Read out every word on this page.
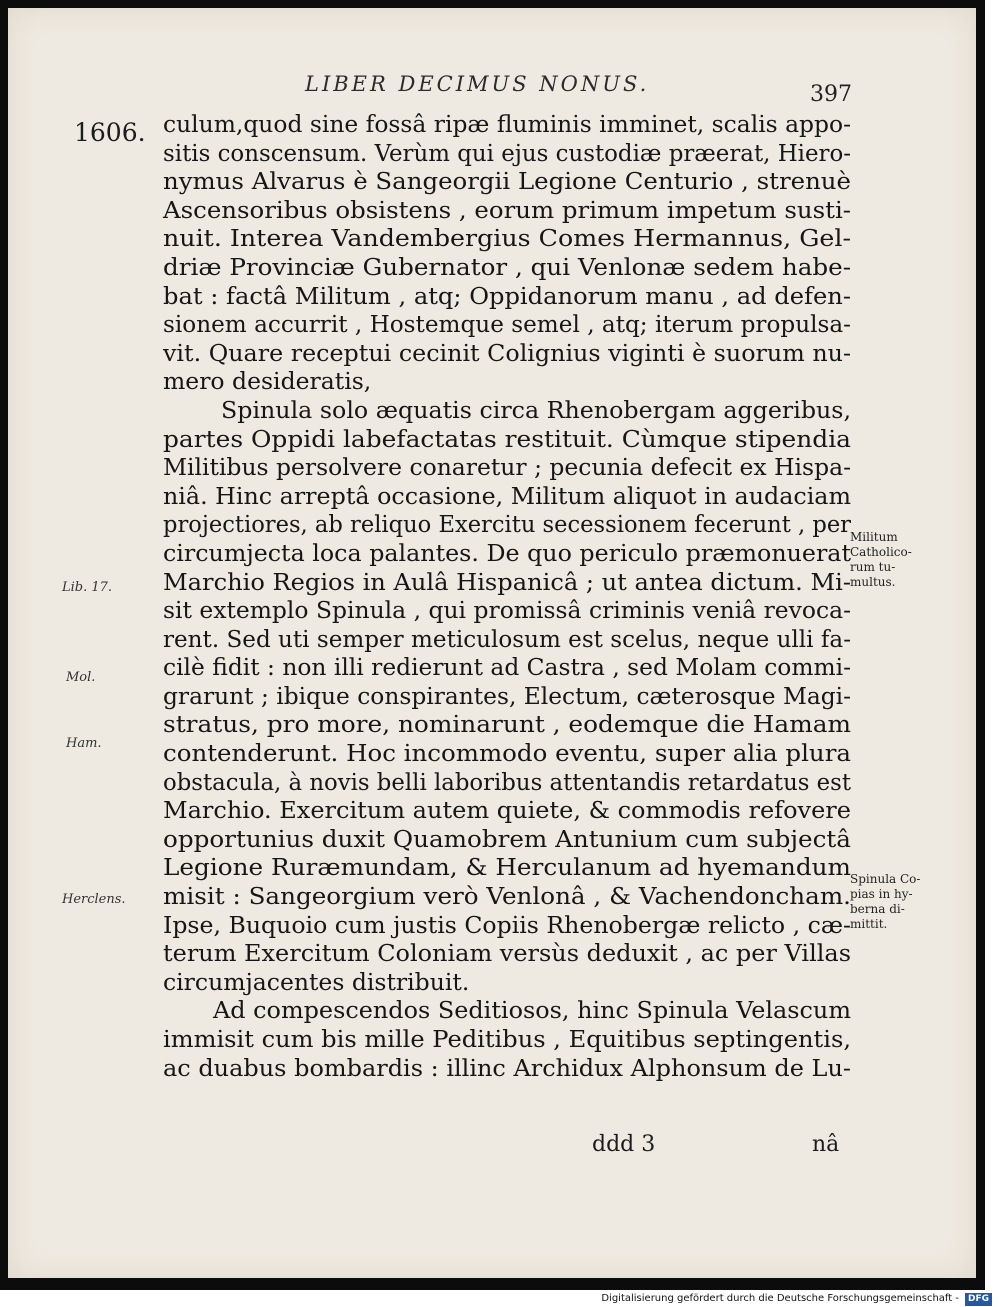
LIBER DECIMUS NONUS.	397
1606. culum,quod sine fossâ ripæ fluminis imminet, scalis appo-
sitis conscensum. Verùm qui ejus custodiæ præerat, Hiero-
nymus Alvarus è Sangeorgii Legione Centurio , strenuè
Ascensoribus obsistens , eorum primum impetum susti-
nuit. Interea Vandembergius Comes Hermannus, Gel-
driæ Provinciæ Gubernator , qui Venlonæ sedem habe-
bat : factâ Militum , atq; Oppidanorum manu , ad defen-
sionem accurrit , Hostemque semel , atq; iterum propulsa-
vit. Quare receptui cecinit Colignius viginti è suorum nu-
mero desideratis,
Spinula solo æquatis circa Rhenobergam aggeribus,
partes Oppidi labefactatas restituit. Cùmque stipendia
Militibus persolvere conaretur ; pecunia defecit ex Hispa-
niâ. Hinc arreptâ occasione, Militum aliquot in audaciam
projectiores, ab reliquo Exercitu secessionem fecerunt , per
circumjecta loca palantes. De quo periculo præmonuerat
Marchio Regios in Aulâ Hispanicâ ; ut antea dictum. Mi-
sit extemplo Spinula , qui promissâ criminis veniâ revoca-
rent. Sed uti semper meticulosum est scelus, neque ulli fa-
cilè fidit : non illi redierunt ad Castra , sed Molam commi-
grarunt ; ibique conspirantes, Electum, cæterosque Magi-
stratus, pro more, nominarunt , eodemque die Hamam
contenderunt. Hoc incommodo eventu, super alia plura
obstacula, à novis belli laboribus attentandis retardatus est
Marchio. Exercitum autem quiete, & commodis refovere
opportunius duxit Quamobrem Antunium cum subjectâ
Legione Ruræmundam, & Herculanum ad hyemandum
misit : Sangeorgium verò Venlonâ , & Vachendoncham.
Ipse, Buquoio cum justis Copiis Rhenobergæ relicto , cæ-
terum Exercitum Coloniam versùs deduxit , ac per Villas
circumjacentes distribuit.
Ad compescendos Seditiosos, hinc Spinula Velascum
immisit cum bis mille Peditibus , Equitibus septingentis,
ac duabus bombardis : illinc Archidux Alphonsum de Lu-
Lib. 17.
Mol.
Ham.
Herclens.
Militum Catholico-rum tu-multus.
Spinula Co-pias in hy-berna di-mittit.
ddd 3	nâ
Digitalisierung gefördert durch die Deutsche Forschungsgemeinschaft - DFG
